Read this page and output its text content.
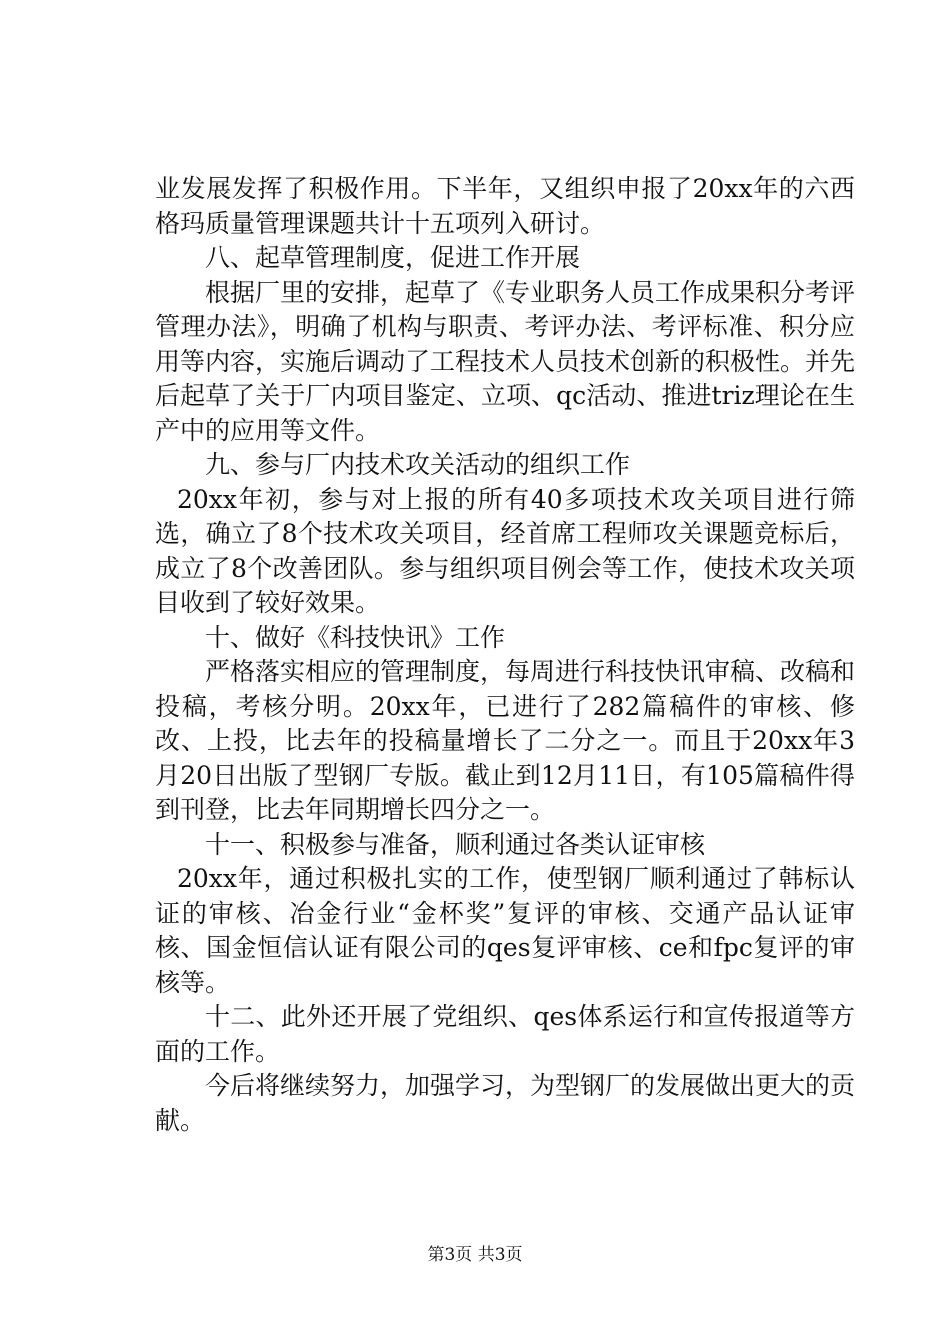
业发展发挥了积极作用。下半年，又组织申报了20xx年的六西格玛质量管理课题共计十五项列入研讨。

八、起草管理制度，促进工作开展

根据厂里的安排，起草了《专业职务人员工作成果积分考评管理办法》，明确了机构与职责、考评办法、考评标准、积分应用等内容，实施后调动了工程技术人员技术创新的积极性。并先后起草了关于厂内项目鉴定、立项、qc活动、推进triz理论在生产中的应用等文件。

九、参与厂内技术攻关活动的组织工作

20xx年初，参与对上报的所有40多项技术攻关项目进行筛选，确立了8个技术攻关项目，经首席工程师攻关课题竞标后，成立了8个改善团队。参与组织项目例会等工作，使技术攻关项目收到了较好效果。

十、做好《科技快讯》工作

严格落实相应的管理制度，每周进行科技快讯审稿、改稿和投稿，考核分明。20xx年，已进行了282篇稿件的审核、修改、上投，比去年的投稿量增长了二分之一。而且于20xx年3月20日出版了型钢厂专版。截止到12月11日，有105篇稿件得到刊登，比去年同期增长四分之一。

十一、积极参与准备，顺利通过各类认证审核

20xx年，通过积极扎实的工作，使型钢厂顺利通过了韩标认证的审核、冶金行业“金杯奖”复评的审核、交通产品认证审核、国金恒信认证有限公司的qes复评审核、ce和fpc复评的审核等。

十二、此外还开展了党组织、qes体系运行和宣传报道等方面的工作。

今后将继续努力，加强学习，为型钢厂的发展做出更大的贡献。

第3页 共3页
